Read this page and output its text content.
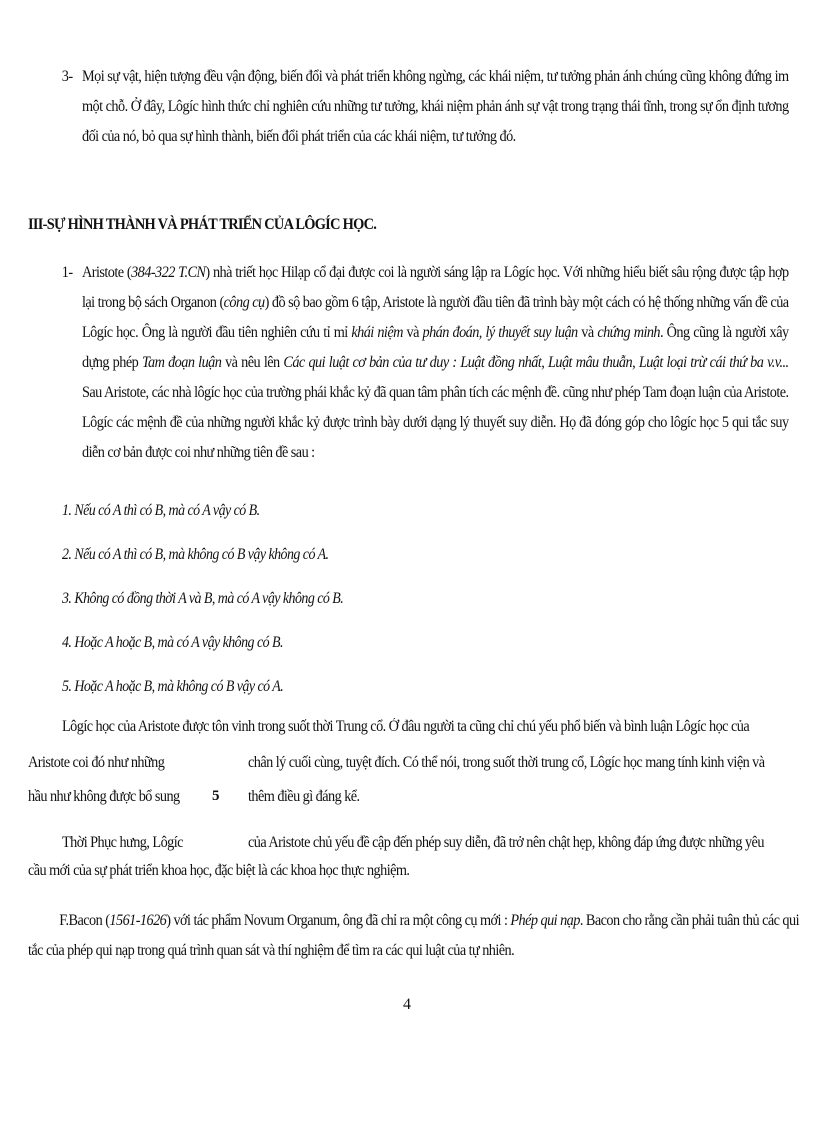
3- Mọi sự vật, hiện tượng đều vận động, biến đổi và phát triển không ngừng, các khái niệm, tư tưởng phản ánh chúng cũng không đứng im một chỗ. Ở đây, Lôgíc hình thức chỉ nghiên cứu những tư tưởng, khái niệm phản ánh sự vật trong trạng thái tĩnh, trong sự ổn định tương đối của nó, bỏ qua sự hình thành, biến đổi phát triển của các khái niệm, tư tưởng đó.
III-SỰ HÌNH THÀNH VÀ PHÁT TRIỂN CỦA LÔGÍC HỌC.
1- Aristote (384-322 T.CN) nhà triết học Hilạp cổ đại được coi là người sáng lập ra Lôgíc học. Với những hiểu biết sâu rộng được tập hợp lại trong bộ sách Organon (công cụ) đồ sộ bao gồm 6 tập, Aristote là người đầu tiên đã trình bày một cách có hệ thống những vấn đề của Lôgíc học. Ông là người đầu tiên nghiên cứu tỉ mỉ khái niệm và phán đoán, lý thuyết suy luận và chứng minh. Ông cũng là người xây dựng phép Tam đoạn luận và nêu lên Các qui luật cơ bản của tư duy : Luật đồng nhất, Luật mâu thuẫn, Luật loại trừ cái thứ ba v.v... Sau Aristote, các nhà lôgíc học của trường phái khắc kỷ đã quan tâm phân tích các mệnh đề. cũng như phép Tam đoạn luận của Aristote. Lôgíc các mệnh đề của những người khắc kỷ được trình bày dưới dạng lý thuyết suy diễn. Họ đã đóng góp cho lôgíc học 5 qui tắc suy diễn cơ bản được coi như những tiên đề sau :
1. Nếu có A thì có B, mà có A vậy có B.
2. Nếu có A thì có B, mà không có B vậy không có A.
3. Không có đồng thời A và B, mà có A vậy không có B.
4. Hoặc A hoặc B, mà có A vậy không có B.
5. Hoặc A hoặc B, mà không có B vậy có A.
Lôgíc học của Aristote được tôn vinh trong suốt thời Trung cổ. Ở đâu người ta cũng chỉ chú yếu phổ biến và bình luận Lôgíc học của
Aristote coi đó như những	chân lý cuối cùng, tuyệt đích. Có thể nói, trong suốt thời trung cổ, Lôgíc học mang tính kinh viện và
hầu như không được bổ sung 5 thêm điều gì đáng kể.
Thời Phục hưng, Lôgíc	của Aristote chủ yếu đề cập đến phép suy diễn, đã trở nên chật hẹp, không đáp ứng được những yêu
cầu mới của sự phát triển khoa học, đặc biệt là các khoa học thực nghiệm.
F.Bacon (1561-1626) với tác phẩm Novum Organum, ông đã chỉ ra một công cụ mới : Phép qui nạp. Bacon cho rằng cần phải tuân thủ các qui tắc của phép qui nạp trong quá trình quan sát và thí nghiệm để tìm ra các qui luật của tự nhiên.
4
